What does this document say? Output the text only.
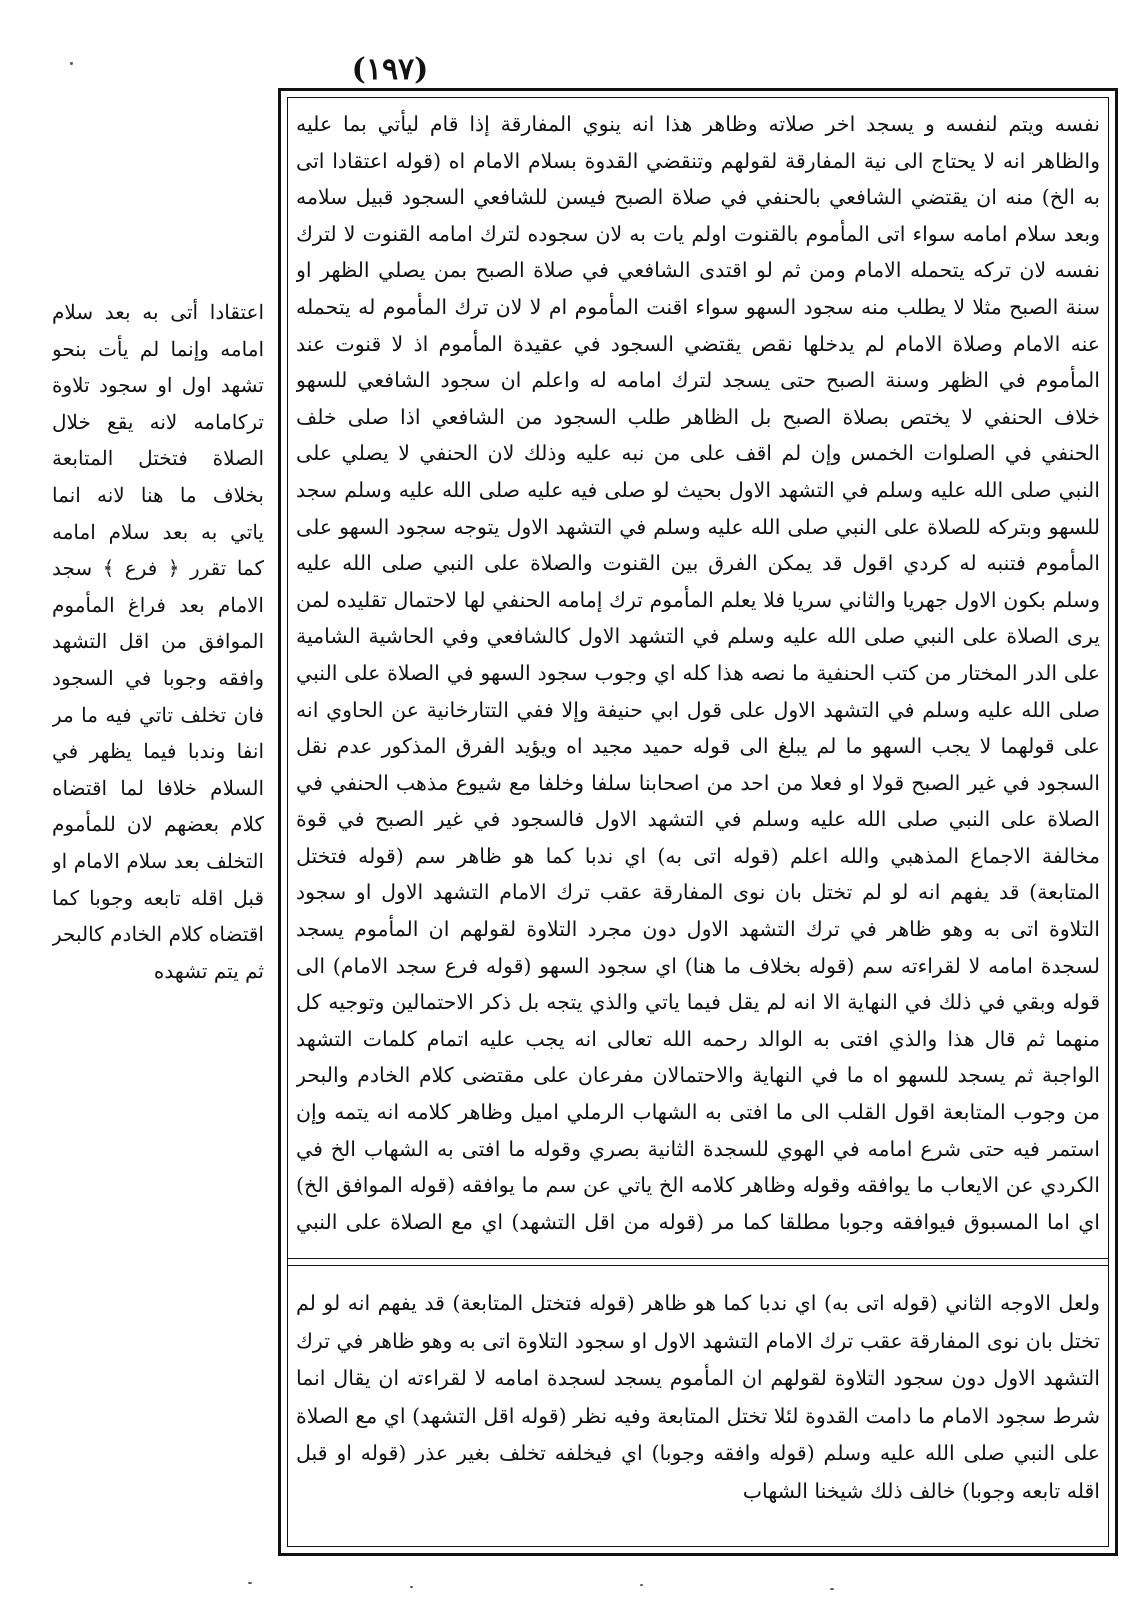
(١٩٧)
نفسه ويتم لنفسه و يسجد اخر صلاته وظاهر هذا انه ينوي المفارقة إذا قام ليأتي بما عليه والظاهر انه لا يحتاج الى نية المفارقة لقولهم وتنقضي القدوة بسلام الامام اه (قوله اعتقادا اتى به الخ) منه ان يقتضي الشافعي بالحنفي في صلاة الصبح فيسن للشافعي السجود قبيل سلامه وبعد سلام امامه سواء اتى المأموم بالقنوت اولم يات به لان سجوده لترك امامه القنوت لا لترك نفسه لان تركه يتحمله الامام ومن ثم لو اقتدى الشافعي في صلاة الصبح بمن يصلي الظهر او سنة الصبح مثلا لا يطلب منه سجود السهو سواء اقنت المأموم ام لا لان ترك المأموم له يتحمله عنه الامام وصلاة الامام لم يدخلها نقص يقتضي السجود في عقيدة المأموم اذ لا قنوت عند المأموم في الظهر وسنة الصبح حتى يسجد لترك امامه له واعلم ان سجود الشافعي للسهو خلاف الحنفي لا يختص بصلاة الصبح بل الظاهر طلب السجود من الشافعي اذا صلى خلف الحنفي في الصلوات الخمس وإن لم اقف على من نبه عليه وذلك لان الحنفي لا يصلي على النبي صلى الله عليه وسلم في التشهد الاول بحيث لو صلى فيه عليه صلى الله عليه وسلم سجد للسهو وبتركه للصلاة على النبي صلى الله عليه وسلم في التشهد الاول يتوجه سجود السهو على المأموم فتنبه له كردي اقول قد يمكن الفرق بين القنوت والصلاة على النبي صلى الله عليه وسلم بكون الاول جهريا والثاني سريا فلا يعلم المأموم ترك إمامه الحنفي لها لاحتمال تقليده لمن يرى الصلاة على النبي صلى الله عليه وسلم في التشهد الاول كالشافعي وفي الحاشية الشامية على الدر المختار من كتب الحنفية ما نصه هذا كله اي وجوب سجود السهو في الصلاة على النبي صلى الله عليه وسلم في التشهد الاول على قول ابي حنيفة وإلا ففي التتارخانية عن الحاوي انه على قولهما لا يجب السهو ما لم يبلغ الى قوله حميد مجيد اه ويؤيد الفرق المذكور عدم نقل السجود في غير الصبح قولا او فعلا من احد من اصحابنا سلفا وخلفا مع شيوع مذهب الحنفي في الصلاة على النبي صلى الله عليه وسلم في التشهد الاول فالسجود في غير الصبح في قوة مخالفة الاجماع المذهبي والله اعلم (قوله اتى به) اي ندبا كما هو ظاهر سم (قوله فتختل المتابعة) قد يفهم انه لو لم تختل بان نوى المفارقة عقب ترك الامام التشهد الاول او سجود التلاوة اتى به وهو ظاهر في ترك التشهد الاول دون مجرد التلاوة لقولهم ان المأموم يسجد لسجدة امامه لا لقراءته سم (قوله بخلاف ما هنا) اي سجود السهو (قوله فرع سجد الامام) الى قوله وبقي في ذلك في النهاية الا انه لم يقل فيما ياتي والذي يتجه بل ذكر الاحتمالين وتوجيه كل منهما ثم قال هذا والذي افتى به الوالد رحمه الله تعالى انه يجب عليه اتمام كلمات التشهد الواجبة ثم يسجد للسهو اه ما في النهاية والاحتمالان مفرعان على مقتضى كلام الخادم والبحر من وجوب المتابعة اقول القلب الى ما افتى به الشهاب الرملي اميل وظاهر كلامه انه يتمه وإن استمر فيه حتى شرع امامه في الهوي للسجدة الثانية بصري وقوله ما افتى به الشهاب الخ في الكردي عن الايعاب ما يوافقه وقوله وظاهر كلامه الخ ياتي عن سم ما يوافقه (قوله الموافق الخ) اي اما المسبوق فيوافقه وجوبا مطلقا كما مر (قوله من اقل التشهد) اي مع الصلاة على النبي
ولعل الاوجه الثاني (قوله اتى به) اي ندبا كما هو ظاهر (قوله فتختل المتابعة) قد يفهم انه لو لم تختل بان نوى المفارقة عقب ترك الامام التشهد الاول او سجود التلاوة اتى به وهو ظاهر في ترك التشهد الاول دون سجود التلاوة لقولهم ان المأموم يسجد لسجدة امامه لا لقراءته ان يقال انما شرط سجود الامام ما دامت القدوة لئلا تختل المتابعة وفيه نظر (قوله اقل التشهد) اي مع الصلاة على النبي صلى الله عليه وسلم (قوله وافقه وجوبا) اي فيخلفه تخلف بغير عذر (قوله او قبل اقله تابعه وجوبا) خالف ذلك شيخنا الشهاب
اعتقادا أتى به بعد سلام امامه وإنما لم يأت بنحو تشهد اول او سجود تلاوة تركامامه لانه يقع خلال الصلاة فتختل المتابعة بخلاف ما هنا لانه انما ياتي به بعد سلام امامه كما تقرر ﴿ فرع ﴾ سجد الامام بعد فراغ المأموم الموافق من اقل التشهد وافقه وجوبا في السجود فان تخلف تاتي فيه ما مر انفا وندبا فيما يظهر في السلام خلافا لما اقتضاه كلام بعضهم لان للمأموم التخلف بعد سلام الامام او قبل اقله تابعه وجوبا كما اقتضاه كلام الخادم كالبحر ثم يتم تشهده
